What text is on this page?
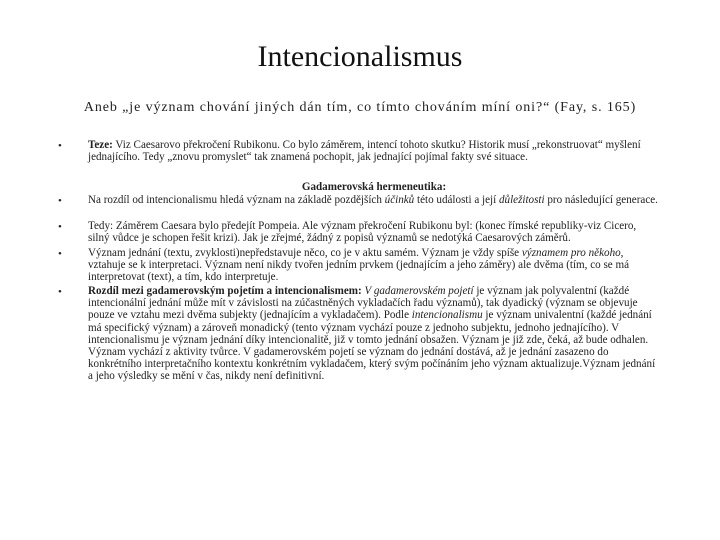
Intencionalismus
Aneb „je význam chování jiných dán tím, co tímto chováním míní oni?“ (Fay, s. 165)
• Teze: Viz Caesarovo překročení Rubikonu. Co bylo záměrem, intencí tohoto skutku? Historik musí „rekonstruovat“ myšlení jednajícího. Tedy „znovu promyslet“ tak znamená pochopit, jak jednající pojímal fakty své situace.
Gadamerovská hermeneutika:
• Na rozdíl od intencionalismu hledá význam na základě pozdějších účinků této události a její důležitosti pro následující generace.
• Tedy: Záměrem Caesara bylo předejít Pompeia. Ale význam překročení Rubikonu byl: (konec římské republiky-viz Cicero, silný vůdce je schopen řešit krizi). Jak je zřejmé, žádný z popisů významů se nedotýká Caesarových záměrů.
• Význam jednání (textu, zvyklosti)nepředstavuje něco, co je v aktu samém. Význam je vždy spíše významem pro někoho, vztahuje se k interpretaci. Význam není nikdy tvořen jedním prvkem (jednajícím a jeho záměry) ale dvěma (tím, co se má interpretovat (text), a tím, kdo interpretuje.
• Rozdíl mezi gadamerovským pojetím a intencionalismem: V gadamerovském pojetí je význam jak polyvalentní (každé intencionální jednání může mít v závislosti na zúčastněných vykladačích řadu významů), tak dyadický (význam se objevuje pouze ve vztahu mezi dvěma subjekty (jednajícím a vykladačem). Podle intencionalismu je význam univalentní (každé jednání má specifický význam) a zároveň monadický (tento význam vychází pouze z jednoho subjektu, jednoho jednajícího). V intencionalismu je význam jednání díky intencionalitě, již v tomto jednání obsažen. Význam je již zde, čeká, až bude odhalen. Význam vychází z aktivity tvůrce. V gadamerovském pojetí se význam do jednání dostává, až je jednání zasazeno do konkrétního interpretačního kontextu konkrétním vykladačem, který svým počínáním jeho význam aktualizuje.Význam jednání a jeho výsledky se mění v čas, nikdy není definitivní.
